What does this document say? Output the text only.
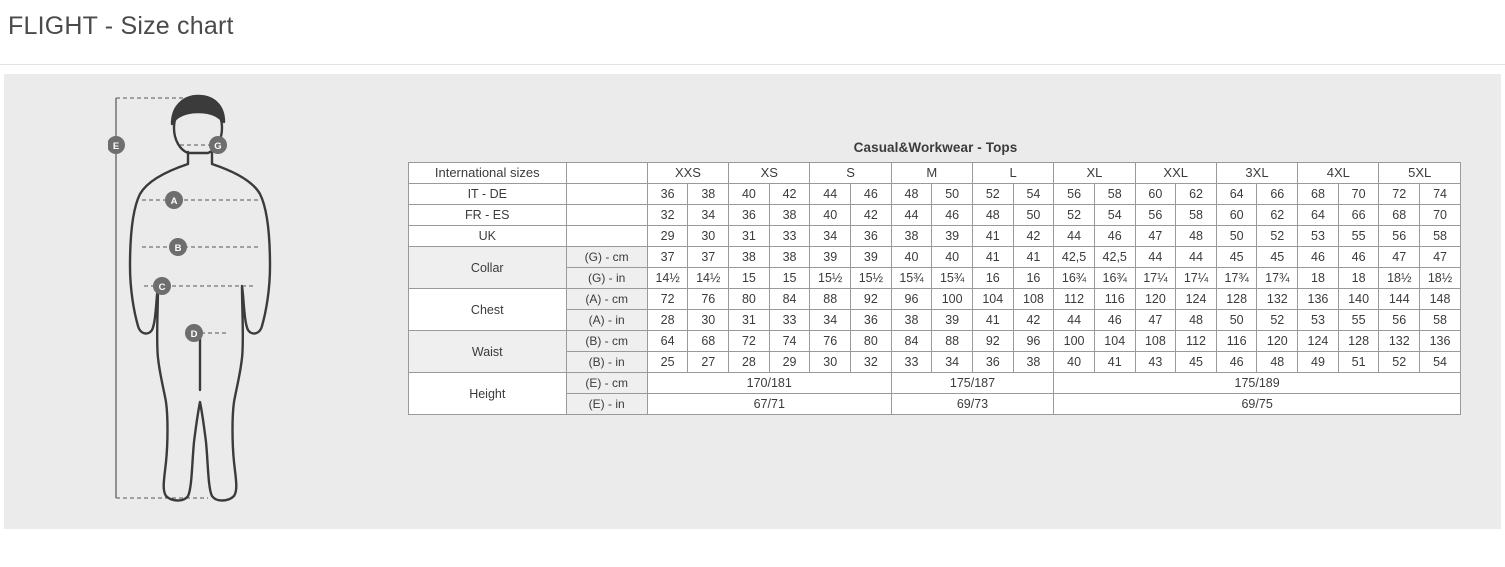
FLIGHT - Size chart
E	G
A
B
C
D
Casual&Workwear - Tops
International sizes		XXS		XS		S		M		L		XL		XXL		3XL		4XL		5XL	
IT - DE		36	38	40	42	44	46	48	50	52	54	56	58	60	62	64	66	68	70	72	74
FR - ES		32	34	36	38	40	42	44	46	48	50	52	54	56	58	60	62	64	66	68	70
UK		29	30	31	33	34	36	38	39	41	42	44	46	47	48	50	52	53	55	56	58
Collar	(G) - cm	37	37	38	38	39	39	40	40	41	41	42,5	42,5	44	44	45	45	46	46	47	47
	(G) - in	14½	14½	15	15	15½	15½	15¾	15¾	16	16	16¾	16¾	17¼	17¼	17¾	17¾	18	18	18½	18½
Chest	(A) - cm	72	76	80	84	88	92	96	100	104	108	112	116	120	124	128	132	136	140	144	148
	(A) - in	28	30	31	33	34	36	38	39	41	42	44	46	47	48	50	52	53	55	56	58
Waist	(B) - cm	64	68	72	74	76	80	84	88	92	96	100	104	108	112	116	120	124	128	132	136
	(B) - in	25	27	28	29	30	32	33	34	36	38	40	41	43	45	46	48	49	51	52	54
Height	(E) - cm	170/181						175/187				175/189									
	(E) - in	67/71						69/73				69/75									
